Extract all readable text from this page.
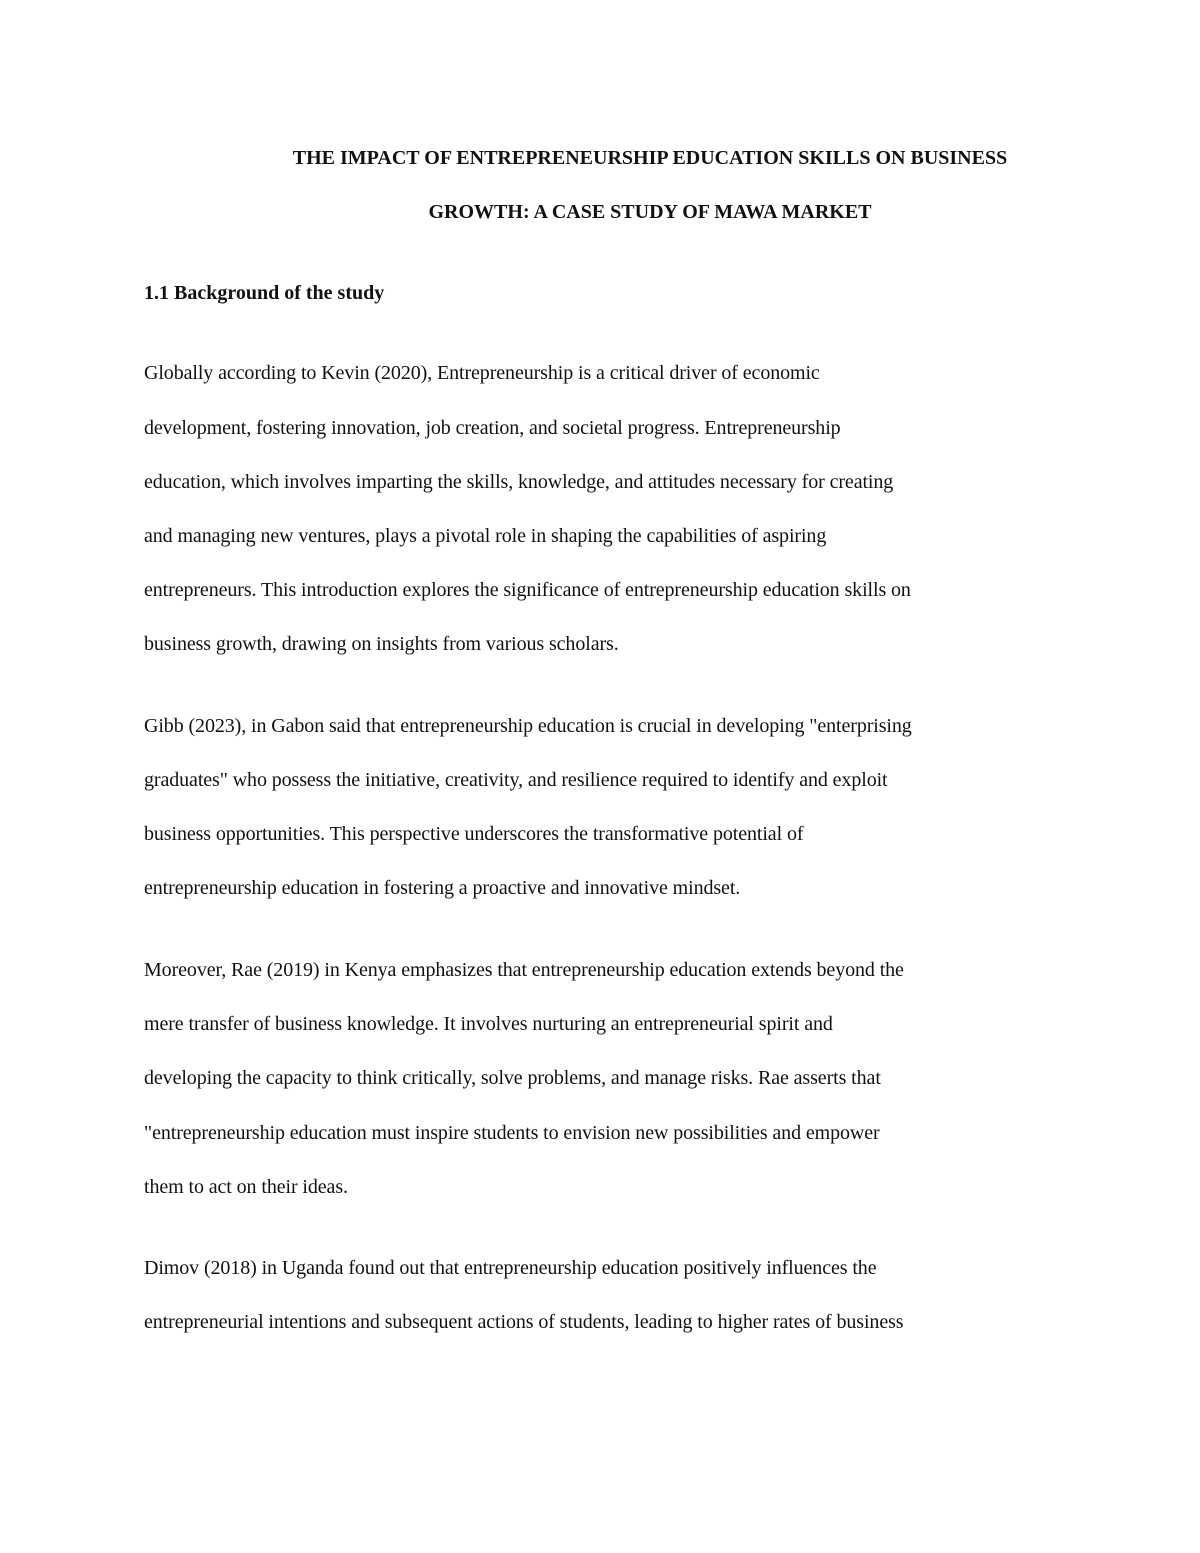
THE IMPACT OF ENTREPRENEURSHIP EDUCATION SKILLS ON BUSINESS
GROWTH: A CASE STUDY OF MAWA MARKET
1.1 Background of the study
Globally according to Kevin (2020), Entrepreneurship is a critical driver of economic
development, fostering innovation, job creation, and societal progress. Entrepreneurship
education, which involves imparting the skills, knowledge, and attitudes necessary for creating
and managing new ventures, plays a pivotal role in shaping the capabilities of aspiring
entrepreneurs. This introduction explores the significance of entrepreneurship education skills on
business growth, drawing on insights from various scholars.
Gibb (2023), in Gabon said that entrepreneurship education is crucial in developing "enterprising
graduates" who possess the initiative, creativity, and resilience required to identify and exploit
business opportunities. This perspective underscores the transformative potential of
entrepreneurship education in fostering a proactive and innovative mindset.
Moreover, Rae (2019) in Kenya emphasizes that entrepreneurship education extends beyond the
mere transfer of business knowledge. It involves nurturing an entrepreneurial spirit and
developing the capacity to think critically, solve problems, and manage risks. Rae asserts that
"entrepreneurship education must inspire students to envision new possibilities and empower
them to act on their ideas.
Dimov (2018) in Uganda found out that entrepreneurship education positively influences the
entrepreneurial intentions and subsequent actions of students, leading to higher rates of business
